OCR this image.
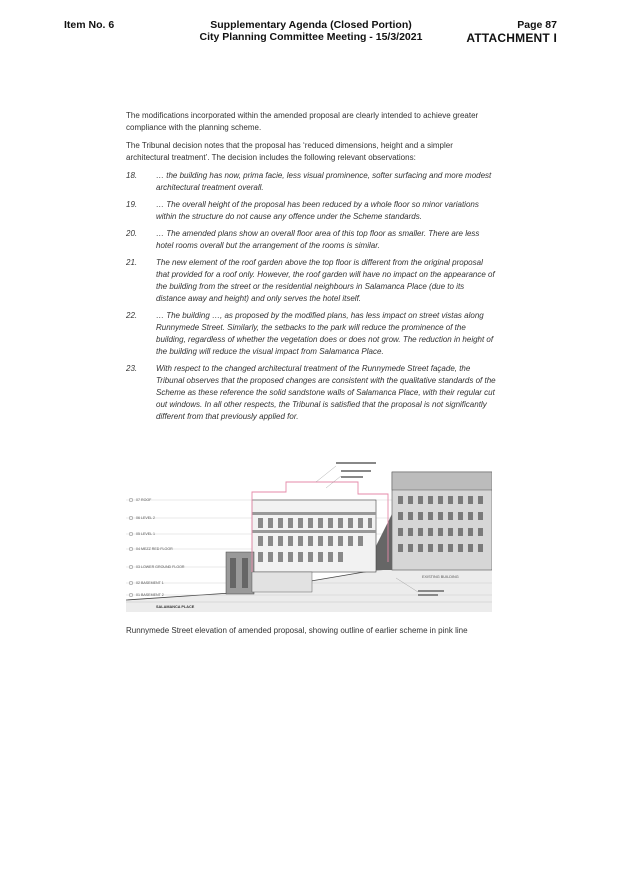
Item No. 6	Supplementary Agenda (Closed Portion)
City Planning Committee Meeting - 15/3/2021
Page 87
ATTACHMENT I

The modifications incorporated within the amended proposal are clearly intended to achieve greater compliance with the planning scheme.

The Tribunal decision notes that the proposal has ‘reduced dimensions, height and a simpler architectural treatment’. The decision includes the following relevant observations:

18.	… the building has now, prima facie, less visual prominence, softer surfacing and more modest architectural treatment overall.
19.	… The overall height of the proposal has been reduced by a whole floor so minor variations within the structure do not cause any offence under the Scheme standards.
20.	… The amended plans show an overall floor area of this top floor as smaller. There are less hotel rooms overall but the arrangement of the rooms is similar.
21.	The new element of the roof garden above the top floor is different from the original proposal that provided for a roof only. However, the roof garden will have no impact on the appearance of the building from the street or the residential neighbours in Salamanca Place (due to its distance away and height) and only serves the hotel itself.
22.	… The building …, as proposed by the modified plans, has less impact on street vistas along Runnymede Street. Similarly, the setbacks to the park will reduce the prominence of the building, regardless of whether the vegetation does or does not grow. The reduction in height of the building will reduce the visual impact from Salamanca Place.
23.	With respect to the changed architectural treatment of the Runnymede Street façade, the Tribunal observes that the proposed changes are consistent with the qualitative standards of the Scheme as these reference the solid sandstone walls of Salamanca Place, with their regular cut out windows. In all other respects, the Tribunal is satisfied that the proposal is not significantly different from that previously applied for.
07 ROOF
06 LEVEL 2
05 LEVEL 1
04 MEZZ RED FLOOR
03 LOWER GROUND FLOOR
02 BASEMENT 1
01 BASEMENT 2
EXISTING BUILDING
SALAMANCA PLACE
Runnymede Street elevation of amended proposal, showing outline of earlier scheme in pink line
